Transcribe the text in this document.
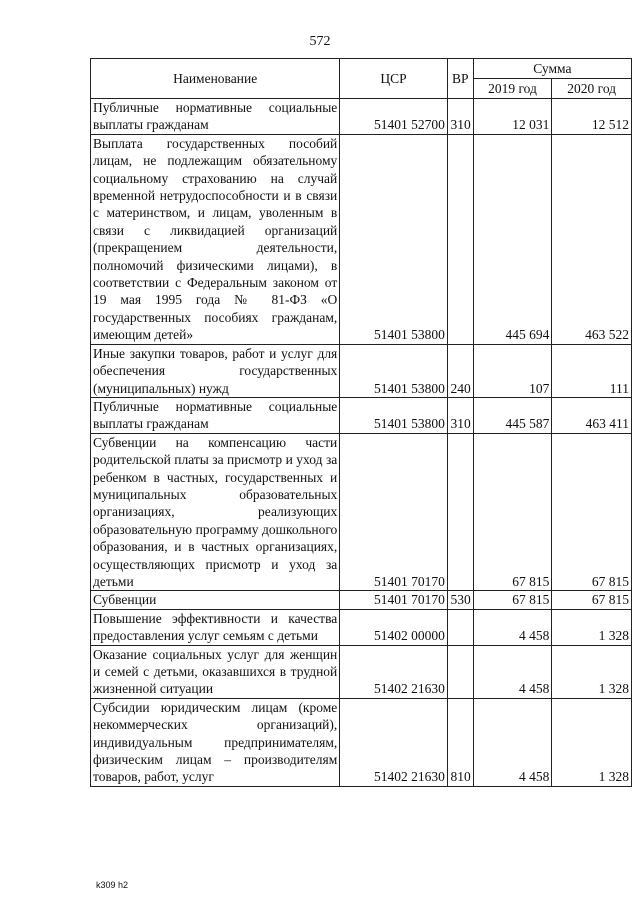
572
Наименование	ЦСР	ВР	Сумма	
			2019 год	2020 год
Публичные нормативные социальные выплаты гражданам	51401 52700	310	12 031	12 512
Выплата государственных пособий лицам, не подлежащим обязательному социальному страхованию на случай временной нетрудоспособности и в связи с материнством, и лицам, уволенным в связи с ликвидацией организаций (прекращением деятельности, полномочий физическими лицами), в соответствии с Федеральным законом от 19 мая 1995 года № 81-ФЗ «О государственных пособиях гражданам, имеющим детей»	51401 53800		445 694	463 522
Иные закупки товаров, работ и услуг для обеспечения государственных (муниципальных) нужд	51401 53800	240	107	111
Публичные нормативные социальные выплаты гражданам	51401 53800	310	445 587	463 411
Субвенции на компенсацию части родительской платы за присмотр и уход за ребенком в частных, государственных и муниципальных образовательных организациях, реализующих образовательную программу дошкольного образования, и в частных организациях, осуществляющих присмотр и уход за детьми	51401 70170		67 815	67 815
Субвенции	51401 70170	530	67 815	67 815
Повышение эффективности и качества предоставления услуг семьям с детьми	51402 00000		4 458	1 328
Оказание социальных услуг для женщин и семей с детьми, оказавшихся в трудной жизненной ситуации	51402 21630		4 458	1 328
Субсидии юридическим лицам (кроме некоммерческих организаций), индивидуальным предпринимателям, физическим лицам – производителям товаров, работ, услуг	51402 21630	810	4 458	1 328
k309 h2
